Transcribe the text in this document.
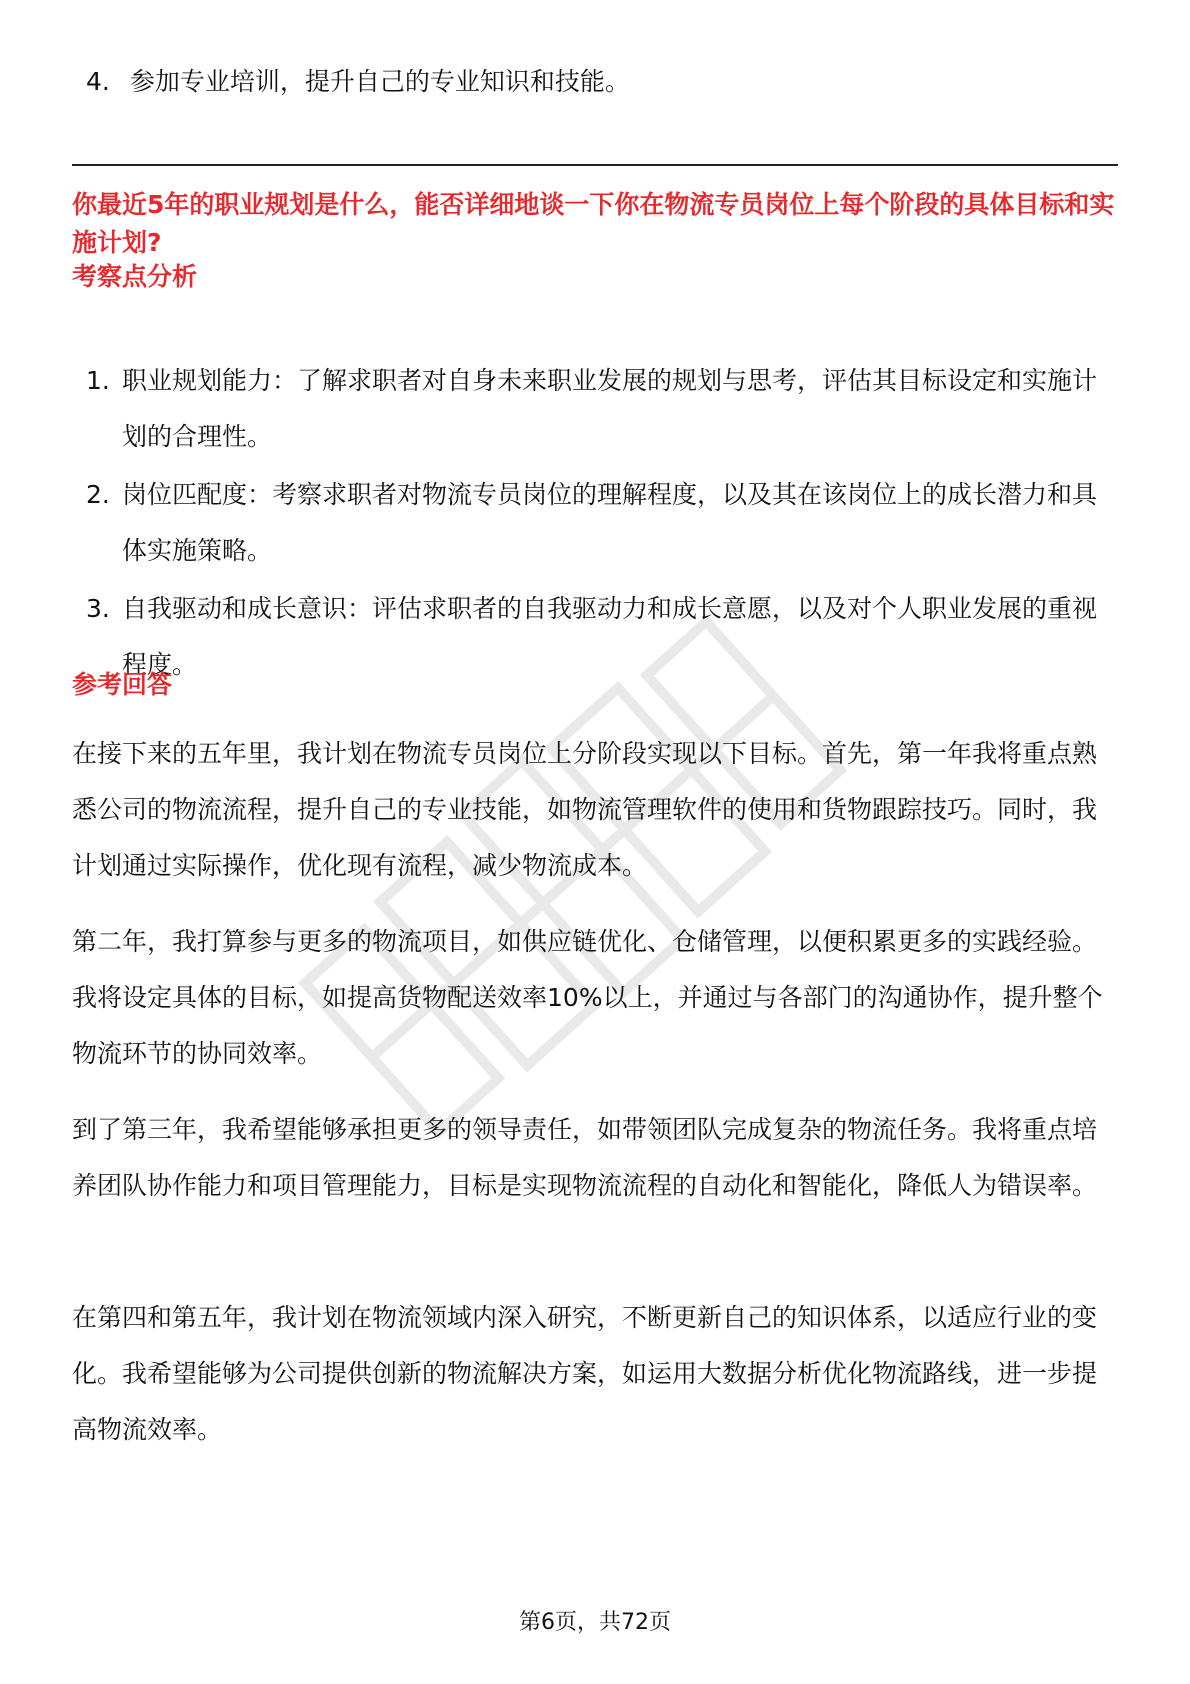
4. 参加专业培训，提升自己的专业知识和技能。
你最近5年的职业规划是什么，能否详细地谈一下你在物流专员岗位上每个阶段的具体目标和实施计划?
考察点分析
1. 职业规划能力：了解求职者对自身未来职业发展的规划与思考，评估其目标设定和实施计划的合理性。
2. 岗位匹配度：考察求职者对物流专员岗位的理解程度，以及其在该岗位上的成长潜力和具体实施策略。
3. 自我驱动和成长意识：评估求职者的自我驱动力和成长意愿，以及对个人职业发展的重视程度。
参考回答

在接下来的五年里，我计划在物流专员岗位上分阶段实现以下目标。首先，第一年我将重点熟悉公司的物流流程，提升自己的专业技能，如物流管理软件的使用和货物跟踪技巧。同时，我计划通过实际操作，优化现有流程，减少物流成本。

第二年，我打算参与更多的物流项目，如供应链优化、仓储管理，以便积累更多的实践经验。我将设定具体的目标，如提高货物配送效率10%以上，并通过与各部门的沟通协作，提升整个物流环节的协同效率。

到了第三年，我希望能够承担更多的领导责任，如带领团队完成复杂的物流任务。我将重点培养团队协作能力和项目管理能力，目标是实现物流流程的自动化和智能化，降低人为错误率。

在第四和第五年，我计划在物流领域内深入研究，不断更新自己的知识体系，以适应行业的变化。我希望能够为公司提供创新的物流解决方案，如运用大数据分析优化物流路线，进一步提高物流效率。

第6页，共72页
